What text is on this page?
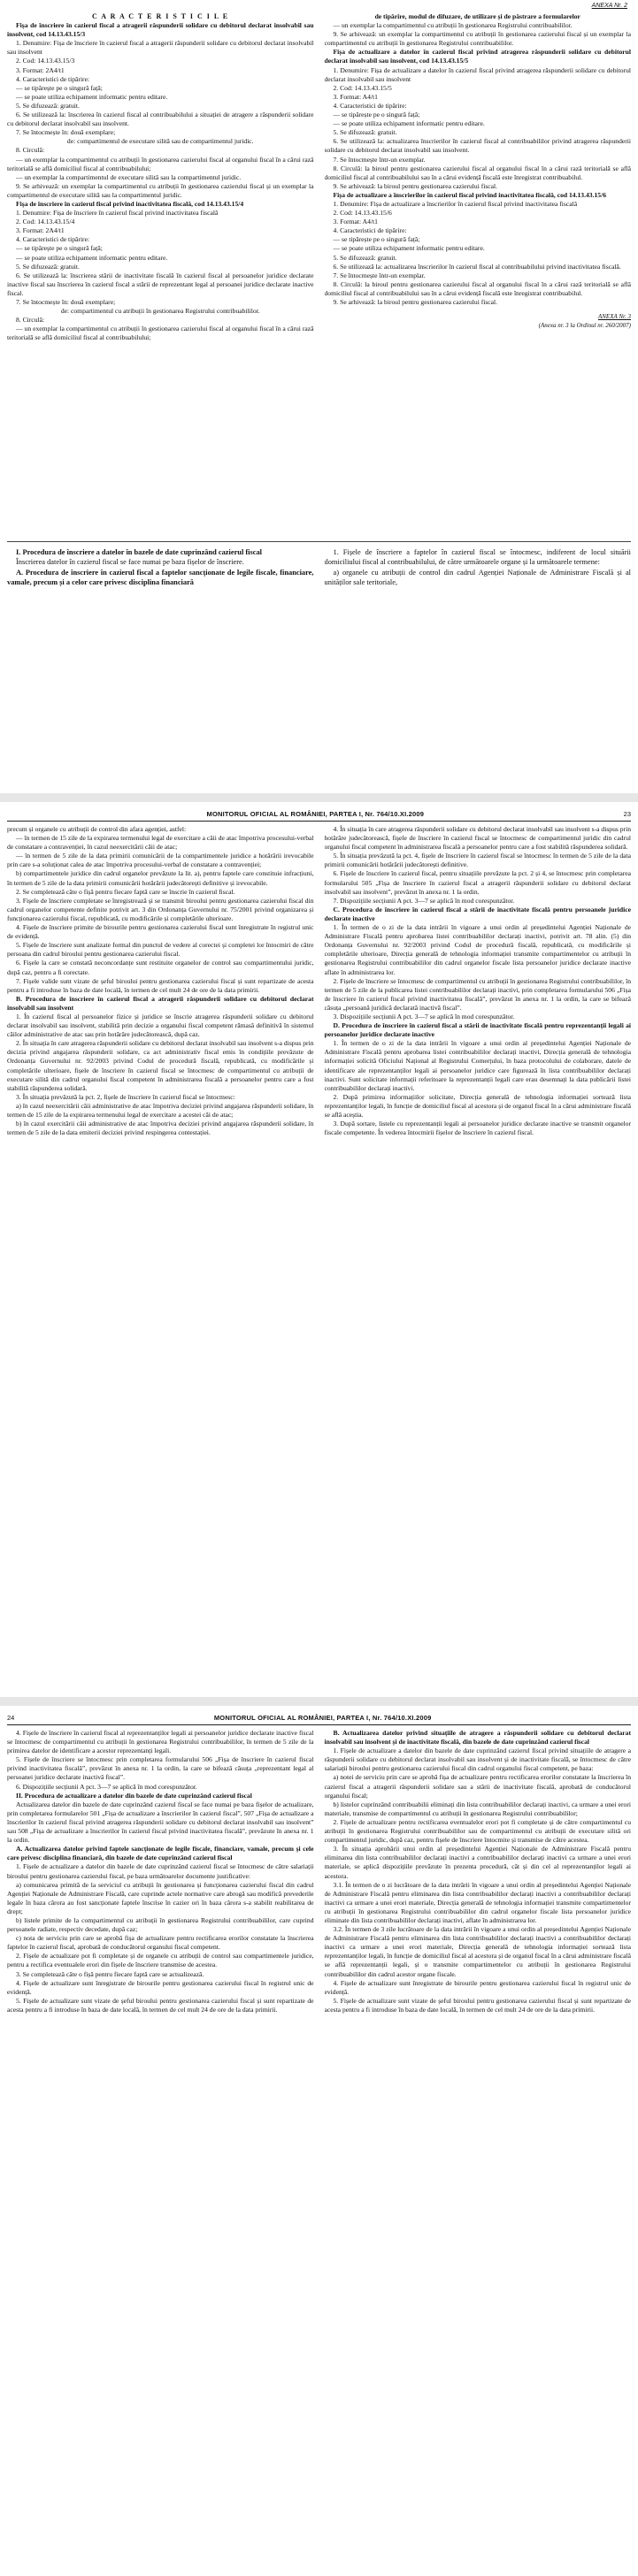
ANEXA Nr. 2

C A R A C T E R I S T I C I L E

Fișa de înscriere în cazierul fiscal a atragerii răspunderii solidare cu debitorul declarat insolvabil sau insolvent, cod 14.13.43.15/3

1. Denumire: Fișa de înscriere în cazierul fiscal a atragerii răspunderii solidare cu debitorul declarat insolvabil sau insolvent

2. Cod: 14.13.43.15/3

3. Format: 2A4/t1

4. Caracteristici de tipărire:

— se tipărește pe o singură față;

— se poate utiliza echipament informatic pentru editare.

5. Se difuzează: gratuit.

6. Se utilizează la: înscrierea în cazierul fiscal al contribuabilului a situației de atragere a răspunderii solidare cu debitorul declarat insolvabil sau insolvent.

7. Se întocmește în: două exemplare;

de: compartimentul de executare silită sau de compartimentul juridic.

8. Circulă:

— un exemplar la compartimentul cu atribuții în gestionarea cazierului fiscal al organului fiscal în a cărui rază teritorială se află domiciliul fiscal al contribuabilului;

— un exemplar la compartimentul de executare silită sau la compartimentul juridic.

9. Se arhivează: un exemplar la compartimentul cu atribuții în gestionarea cazierului fiscal și un exemplar la compartimentul de executare silită sau la compartimentul juridic.

Fișa de înscriere în cazierul fiscal privind inactivitatea fiscală, cod 14.13.43.15/4

1. Denumire: Fișa de înscriere în cazierul fiscal privind inactivitatea fiscală

2. Cod: 14.13.43.15/4

3. Format: 2A4/t1

4. Caracteristici de tipărire:

— se tipărește pe o singură față;

— se poate utiliza echipament informatic pentru editare.

5. Se difuzează: gratuit.

6. Se utilizează la: înscrierea stării de inactivitate fiscală în cazierul fiscal al persoanelor juridice declarate inactive fiscal sau înscrierea în cazierul fiscal a stării de reprezentant legal al persoanei juridice declarate inactive fiscal.

7. Se întocmește în: două exemplare;

de: compartimentul cu atribuții în gestionarea Registrului contribuabililor.

8. Circulă:

— un exemplar la compartimentul cu atribuții în gestionarea cazierului fiscal al organului fiscal în a cărui rază teritorială se află domiciliul fiscal al contribuabilului;

de tipărire, modul de difuzare, de utilizare și de păstrare a formularelor

— un exemplar la compartimentul cu atribuții în gestionarea Registrului contribuabililor.

9. Se arhivează: un exemplar la compartimentul cu atribuții în gestionarea cazierului fiscal și un exemplar la compartimentul cu atribuții în gestionarea Registrului contribuabililor.

Fișa de actualizare a datelor în cazierul fiscal privind atragerea răspunderii solidare cu debitorul declarat insolvabil sau insolvent, cod 14.13.43.15/5

1. Denumire: Fișa de actualizare a datelor în cazierul fiscal privind atragerea răspunderii solidare cu debitorul declarat insolvabil sau insolvent

2. Cod: 14.13.43.15/5

3. Format: A4/t1

4. Caracteristici de tipărire:

— se tipărește pe o singură față;

— se poate utiliza echipament informatic pentru editare.

5. Se difuzează: gratuit.

6. Se utilizează la: actualizarea înscrierilor în cazierul fiscal al contribuabililor privind atragerea răspunderii solidare cu debitorul declarat insolvabil sau insolvent.

7. Se întocmește într-un exemplar.

8. Circulă: la biroul pentru gestionarea cazierului fiscal al organului fiscal în a cărui rază teritorială se află domiciliul fiscal al contribuabilului sau în a cărui evidență fiscală este înregistrat contribuabilul.

9. Se arhivează: la biroul pentru gestionarea cazierului fiscal.

Fișa de actualizare a înscrierilor în cazierul fiscal privind inactivitatea fiscală, cod 14.13.43.15/6

1. Denumire: Fișa de actualizare a înscrierilor în cazierul fiscal privind inactivitatea fiscală

2. Cod: 14.13.43.15/6

3. Format: A4/t1

4. Caracteristici de tipărire:

— se tipărește pe o singură față;

— se poate utiliza echipament informatic pentru editare.

5. Se difuzează: gratuit.

6. Se utilizează la: actualizarea înscrierilor în cazierul fiscal al contribuabilului privind inactivitatea fiscală.

7. Se întocmește într-un exemplar.

8. Circulă: la biroul pentru gestionarea cazierului fiscal al organului fiscal în a cărui rază teritorială se află domiciliul fiscal al contribuabilului sau în a cărui evidență fiscală este înregistrat contribuabilul.

9. Se arhivează: la biroul pentru gestionarea cazierului fiscal.

ANEXA Nr. 3

(Anexa nr. 3 la Ordinul nr. 260/2007)

I. Procedura de înscriere a datelor în bazele de date cuprinzând cazierul fiscal

Înscrierea datelor în cazierul fiscal se face numai pe baza fișelor de înscriere.

A. Procedura de înscriere în cazierul fiscal a faptelor sancționate de legile fiscale, financiare, vamale, precum și a celor care privesc disciplina financiară

1. Fișele de înscriere a faptelor în cazierul fiscal se întocmesc, indiferent de locul situării domiciliului fiscal al contribuabilului, de către următoarele organe și la următoarele termene:

a) organele cu atribuții de control din cadrul Agenției Naționale de Administrare Fiscală și al unităților sale teritoriale,

MONITORUL OFICIAL AL ROMÂNIEI, PARTEA I, Nr. 764/10.XI.2009	23

precum și organele cu atribuții de control din afara agenției, astfel:

— în termen de 15 zile de la expirarea termenului legal de exercitare a căii de atac împotriva procesului-verbal de constatare a contravenției, în cazul neexercitării căii de atac;

— în termen de 5 zile de la data primirii comunicării de la compartimentele juridice a hotărârii irevocabile prin care s-a soluționat calea de atac împotriva procesului-verbal de constatare a contravenției;

b) compartimentele juridice din cadrul organelor prevăzute la lit. a), pentru faptele care constituie infracțiuni, în termen de 5 zile de la data primirii comunicării hotărârii judecătorești definitive și irevocabile.

2. Se completează câte o fișă pentru fiecare faptă care se înscrie în cazierul fiscal.

3. Fișele de înscriere completate se înregistrează și se transmit biroului pentru gestionarea cazierului fiscal din cadrul organelor competente definite potrivit art. 3 din Ordonanța Guvernului nr. 75/2001 privind organizarea și funcționarea cazierului fiscal, republicată, cu modificările și completările ulterioare.

4. Fișele de înscriere primite de birourile pentru gestionarea cazierului fiscal sunt înregistrate în registrul unic de evidență.

5. Fișele de înscriere sunt analizate formal din punctul de vedere al corectei și completei lor întocmiri de către persoana din cadrul biroului pentru gestionarea cazierului fiscal.

6. Fișele la care se constată neconcordanțe sunt restituite organelor de control sau compartimentului juridic, după caz, pentru a fi corectate.

7. Fișele valide sunt vizate de șeful biroului pentru gestionarea cazierului fiscal și sunt repartizate de acesta pentru a fi introduse în baza de date locală, în termen de cel mult 24 de ore de la data primirii.

B. Procedura de înscriere în cazierul fiscal a atragerii răspunderii solidare cu debitorul declarat insolvabil sau insolvent

1. În cazierul fiscal al persoanelor fizice și juridice se înscrie atragerea răspunderii solidare cu debitorul declarat insolvabil sau insolvent, stabilită prin decizie a organului fiscal competent rămasă definitivă în sistemul căilor administrative de atac sau prin hotărâre judecătorească, după caz.

2. În situația în care atragerea răspunderii solidare cu debitorul declarat insolvabil sau insolvent s-a dispus prin decizia privind angajarea răspunderii solidare, ca act administrativ fiscal emis în condițiile prevăzute de Ordonanța Guvernului nr. 92/2003 privind Codul de procedură fiscală, republicată, cu modificările și completările ulterioare, fișele de înscriere în cazierul fiscal se întocmesc de compartimentul cu atribuții de executare silită din cadrul organului fiscal competent în administrarea fiscală a persoanelor pentru care a fost stabilită răspunderea solidară.

3. În situația prevăzută la pct. 2, fișele de înscriere în cazierul fiscal se întocmesc:

a) în cazul neexercitării căii administrative de atac împotriva deciziei privind angajarea răspunderii solidare, în termen de 15 zile de la expirarea termenului legal de exercitare a acestei căi de atac;

b) în cazul exercitării căii administrative de atac împotriva deciziei privind angajarea răspunderii solidare, în termen de 5 zile de la data emiterii deciziei privind respingerea contestației.

4. În situația în care atragerea răspunderii solidare cu debitorul declarat insolvabil sau insolvent s-a dispus prin hotărâre judecătorească, fișele de înscriere în cazierul fiscal se întocmesc de compartimentul juridic din cadrul organului fiscal competent în administrarea fiscală a persoanelor pentru care a fost stabilită răspunderea solidară.

5. În situația prevăzută la pct. 4, fișele de înscriere în cazierul fiscal se întocmesc în termen de 5 zile de la data primirii comunicării hotărârii judecătorești definitive.

6. Fișele de înscriere în cazierul fiscal, pentru situațiile prevăzute la pct. 2 și 4, se întocmesc prin completarea formularului 505 „Fișa de înscriere în cazierul fiscal a atragerii răspunderii solidare cu debitorul declarat insolvabil sau insolvent”, prevăzut în anexa nr. 1 la ordin.

7. Dispozițiile secțiunii A pct. 3—7 se aplică în mod corespunzător.

C. Procedura de înscriere în cazierul fiscal a stării de inactivitate fiscală pentru persoanele juridice declarate inactive

1. În termen de o zi de la data intrării în vigoare a unui ordin al președintelui Agenției Naționale de Administrare Fiscală pentru aprobarea listei contribuabililor declarați inactivi, potrivit art. 78 alin. (5) din Ordonanța Guvernului nr. 92/2003 privind Codul de procedură fiscală, republicată, cu modificările și completările ulterioare, Direcția generală de tehnologia informației transmite compartimentelor cu atribuții în gestionarea Registrului contribuabililor din cadrul organelor fiscale lista persoanelor juridice declarate inactive aflate în administrarea lor.

2. Fișele de înscriere se întocmesc de compartimentul cu atribuții în gestionarea Registrului contribuabililor, în termen de 5 zile de la publicarea listei contribuabililor declarați inactivi, prin completarea formularului 506 „Fișa de înscriere în cazierul fiscal privind inactivitatea fiscală”, prevăzut în anexa nr. 1 la ordin, la care se bifează căsuța „persoană juridică declarată inactivă fiscal”.

3. Dispozițiile secțiunii A pct. 3—7 se aplică în mod corespunzător.

D. Procedura de înscriere în cazierul fiscal a stării de inactivitate fiscală pentru reprezentanții legali ai persoanelor juridice declarate inactive

1. În termen de o zi de la data intrării în vigoare a unui ordin al președintelui Agenției Naționale de Administrare Fiscală pentru aprobarea listei contribuabililor declarați inactivi, Direcția generală de tehnologia informației solicită Oficiului Național al Registrului Comerțului, în baza protocolului de colaborare, datele de identificare ale reprezentanților legali ai persoanelor juridice care figurează în lista contribuabililor declarați inactivi. Sunt solicitate informații referitoare la reprezentanții legali care erau desemnați la data publicării listei contribuabililor declarați inactivi.

2. După primirea informațiilor solicitate, Direcția generală de tehnologia informației sortează lista reprezentanților legali, în funcție de domiciliul fiscal al acestora și de organul fiscal în a cărui administrare fiscală se află aceștia.

3. După sortare, listele cu reprezentanții legali ai persoanelor juridice declarate inactive se transmit organelor fiscale competente. În vederea întocmirii fișelor de înscriere în cazierul fiscal.

24	MONITORUL OFICIAL AL ROMÂNIEI, PARTEA I, Nr. 764/10.XI.2009

4. Fișele de înscriere în cazierul fiscal al reprezentanților legali ai persoanelor juridice declarate inactive fiscal se întocmesc de compartimentul cu atribuții în gestionarea Registrului contribuabililor, în termen de 5 zile de la primirea datelor de identificare a acestor reprezentanți legali.

5. Fișele de înscriere se întocmesc prin completarea formularului 506 „Fișa de înscriere în cazierul fiscal privind inactivitatea fiscală”, prevăzut în anexa nr. 1 la ordin, la care se bifează căsuța „reprezentant legal al persoanei juridice declarate inactivă fiscal”.

6. Dispozițiile secțiunii A pct. 3—7 se aplică în mod corespunzător.

II. Procedura de actualizare a datelor din bazele de date cuprinzând cazierul fiscal

Actualizarea datelor din bazele de date cuprinzând cazierul fiscal se face numai pe baza fișelor de actualizare, prin completarea formularelor 501 „Fișa de actualizare a înscrierilor în cazierul fiscal”, 507 „Fișa de actualizare a înscrierilor în cazierul fiscal privind atragerea răspunderii solidare cu debitorul declarat insolvabil sau insolvent” sau 508 „Fișa de actualizare a înscrierilor în cazierul fiscal privind inactivitatea fiscală”, prevăzute în anexa nr. 1 la ordin.

A. Actualizarea datelor privind faptele sancționate de legile fiscale, financiare, vamale, precum și cele care privesc disciplina financiară, din bazele de date cuprinzând cazierul fiscal

1. Fișele de actualizare a datelor din bazele de date cuprinzând cazierul fiscal se întocmesc de către salariații biroului pentru gestionarea cazierului fiscal, pe baza următoarelor documente justificative:

a) comunicarea primită de la serviciul cu atribuții în gestionarea și funcționarea cazierului fiscal din cadrul Agenției Naționale de Administrare Fiscală, care cuprinde actele normative care abrogă sau modifică prevederile legale în baza cărora au fost sancționate faptele înscrise în cazier ori în baza cărora s-a stabilit reabilitarea de drept;

b) listele primite de la compartimentul cu atribuții în gestionarea Registrului contribuabililor, care cuprind persoanele radiate, respectiv decedate, după caz;

c) nota de serviciu prin care se aprobă fișa de actualizare pentru rectificarea erorilor constatate la înscrierea faptelor în cazierul fiscal, aprobată de conducătorul organului fiscal competent.

2. Fișele de actualizare pot fi completate și de organele cu atribuții de control sau compartimentele juridice, pentru a rectifica eventualele erori din fișele de înscriere transmise de acestea.

3. Se completează câte o fișă pentru fiecare faptă care se actualizează.

4. Fișele de actualizare sunt înregistrate de birourile pentru gestionarea cazierului fiscal în registrul unic de evidență.

5. Fișele de actualizare sunt vizate de șeful biroului pentru gestionarea cazierului fiscal și sunt repartizate de acesta pentru a fi introduse în baza de date locală, în termen de cel mult 24 de ore de la data primirii.

B. Actualizarea datelor privind situațiile de atragere a răspunderii solidare cu debitorul declarat insolvabil sau insolvent și de inactivitate fiscală, din bazele de date cuprinzând cazierul fiscal

1. Fișele de actualizare a datelor din bazele de date cuprinzând cazierul fiscal privind situațiile de atragere a răspunderii solidare cu debitorul declarat insolvabil sau insolvent și de inactivitate fiscală, se întocmesc de către salariații biroului pentru gestionarea cazierului fiscal din cadrul organului fiscal competent, pe baza:

a) notei de serviciu prin care se aprobă fișa de actualizare pentru rectificarea erorilor constatate la înscrierea în cazierul fiscal a atragerii răspunderii solidare sau a stării de inactivitate fiscală, aprobată de conducătorul organului fiscal;

b) listelor cuprinzând contribuabilii eliminați din lista contribuabililor declarați inactivi, ca urmare a unei erori materiale, transmise de compartimentul cu atribuții în gestionarea Registrului contribuabililor;

2. Fișele de actualizare pentru rectificarea eventualelor erori pot fi completate și de către compartimentul cu atribuții în gestionarea Registrului contribuabililor sau de compartimentul cu atribuții de executare silită ori compartimentul juridic, după caz, pentru fișele de înscriere întocmite și transmise de către acestea.

3. În situația aprobării unui ordin al președintelui Agenției Naționale de Administrare Fiscală pentru eliminarea din lista contribuabililor declarați inactivi a contribuabililor declarați inactivi ca urmare a unei erori materiale, se aplică dispozițiile prevăzute în prezenta procedură, cât și din cel al reprezentanților legali ai acestora.

3.1. În termen de o zi lucrătoare de la data intrării în vigoare a unui ordin al președintelui Agenției Naționale de Administrare Fiscală pentru eliminarea din lista contribuabililor declarați inactivi a contribuabililor declarați inactivi ca urmare a unei erori materiale, Direcția generală de tehnologia informației transmite compartimentelor cu atribuții în gestionarea Registrului contribuabililor din cadrul organelor fiscale lista persoanelor juridice eliminate din lista contribuabililor declarați inactivi, aflate în administrarea lor.

3.2. În termen de 3 zile lucrătoare de la data intrării în vigoare a unui ordin al președintelui Agenției Naționale de Administrare Fiscală pentru eliminarea din lista contribuabililor declarați inactivi a contribuabililor declarați inactivi ca urmare a unei erori materiale, Direcția generală de tehnologia informației sortează lista reprezentanților legali, în funcție de domiciliul fiscal al acestora și de organul fiscal în a cărui administrare fiscală se află reprezentanții legali, și o transmite compartimentelor cu atribuții în gestionarea Registrului contribuabililor din cadrul acestor organe fiscale.

4. Fișele de actualizare sunt înregistrate de birourile pentru gestionarea cazierului fiscal în registrul unic de evidență.

5. Fișele de actualizare sunt vizate de șeful biroului pentru gestionarea cazierului fiscal și sunt repartizate de acesta pentru a fi introduse în baza de date locală, în termen de cel mult 24 de ore de la data primirii.
